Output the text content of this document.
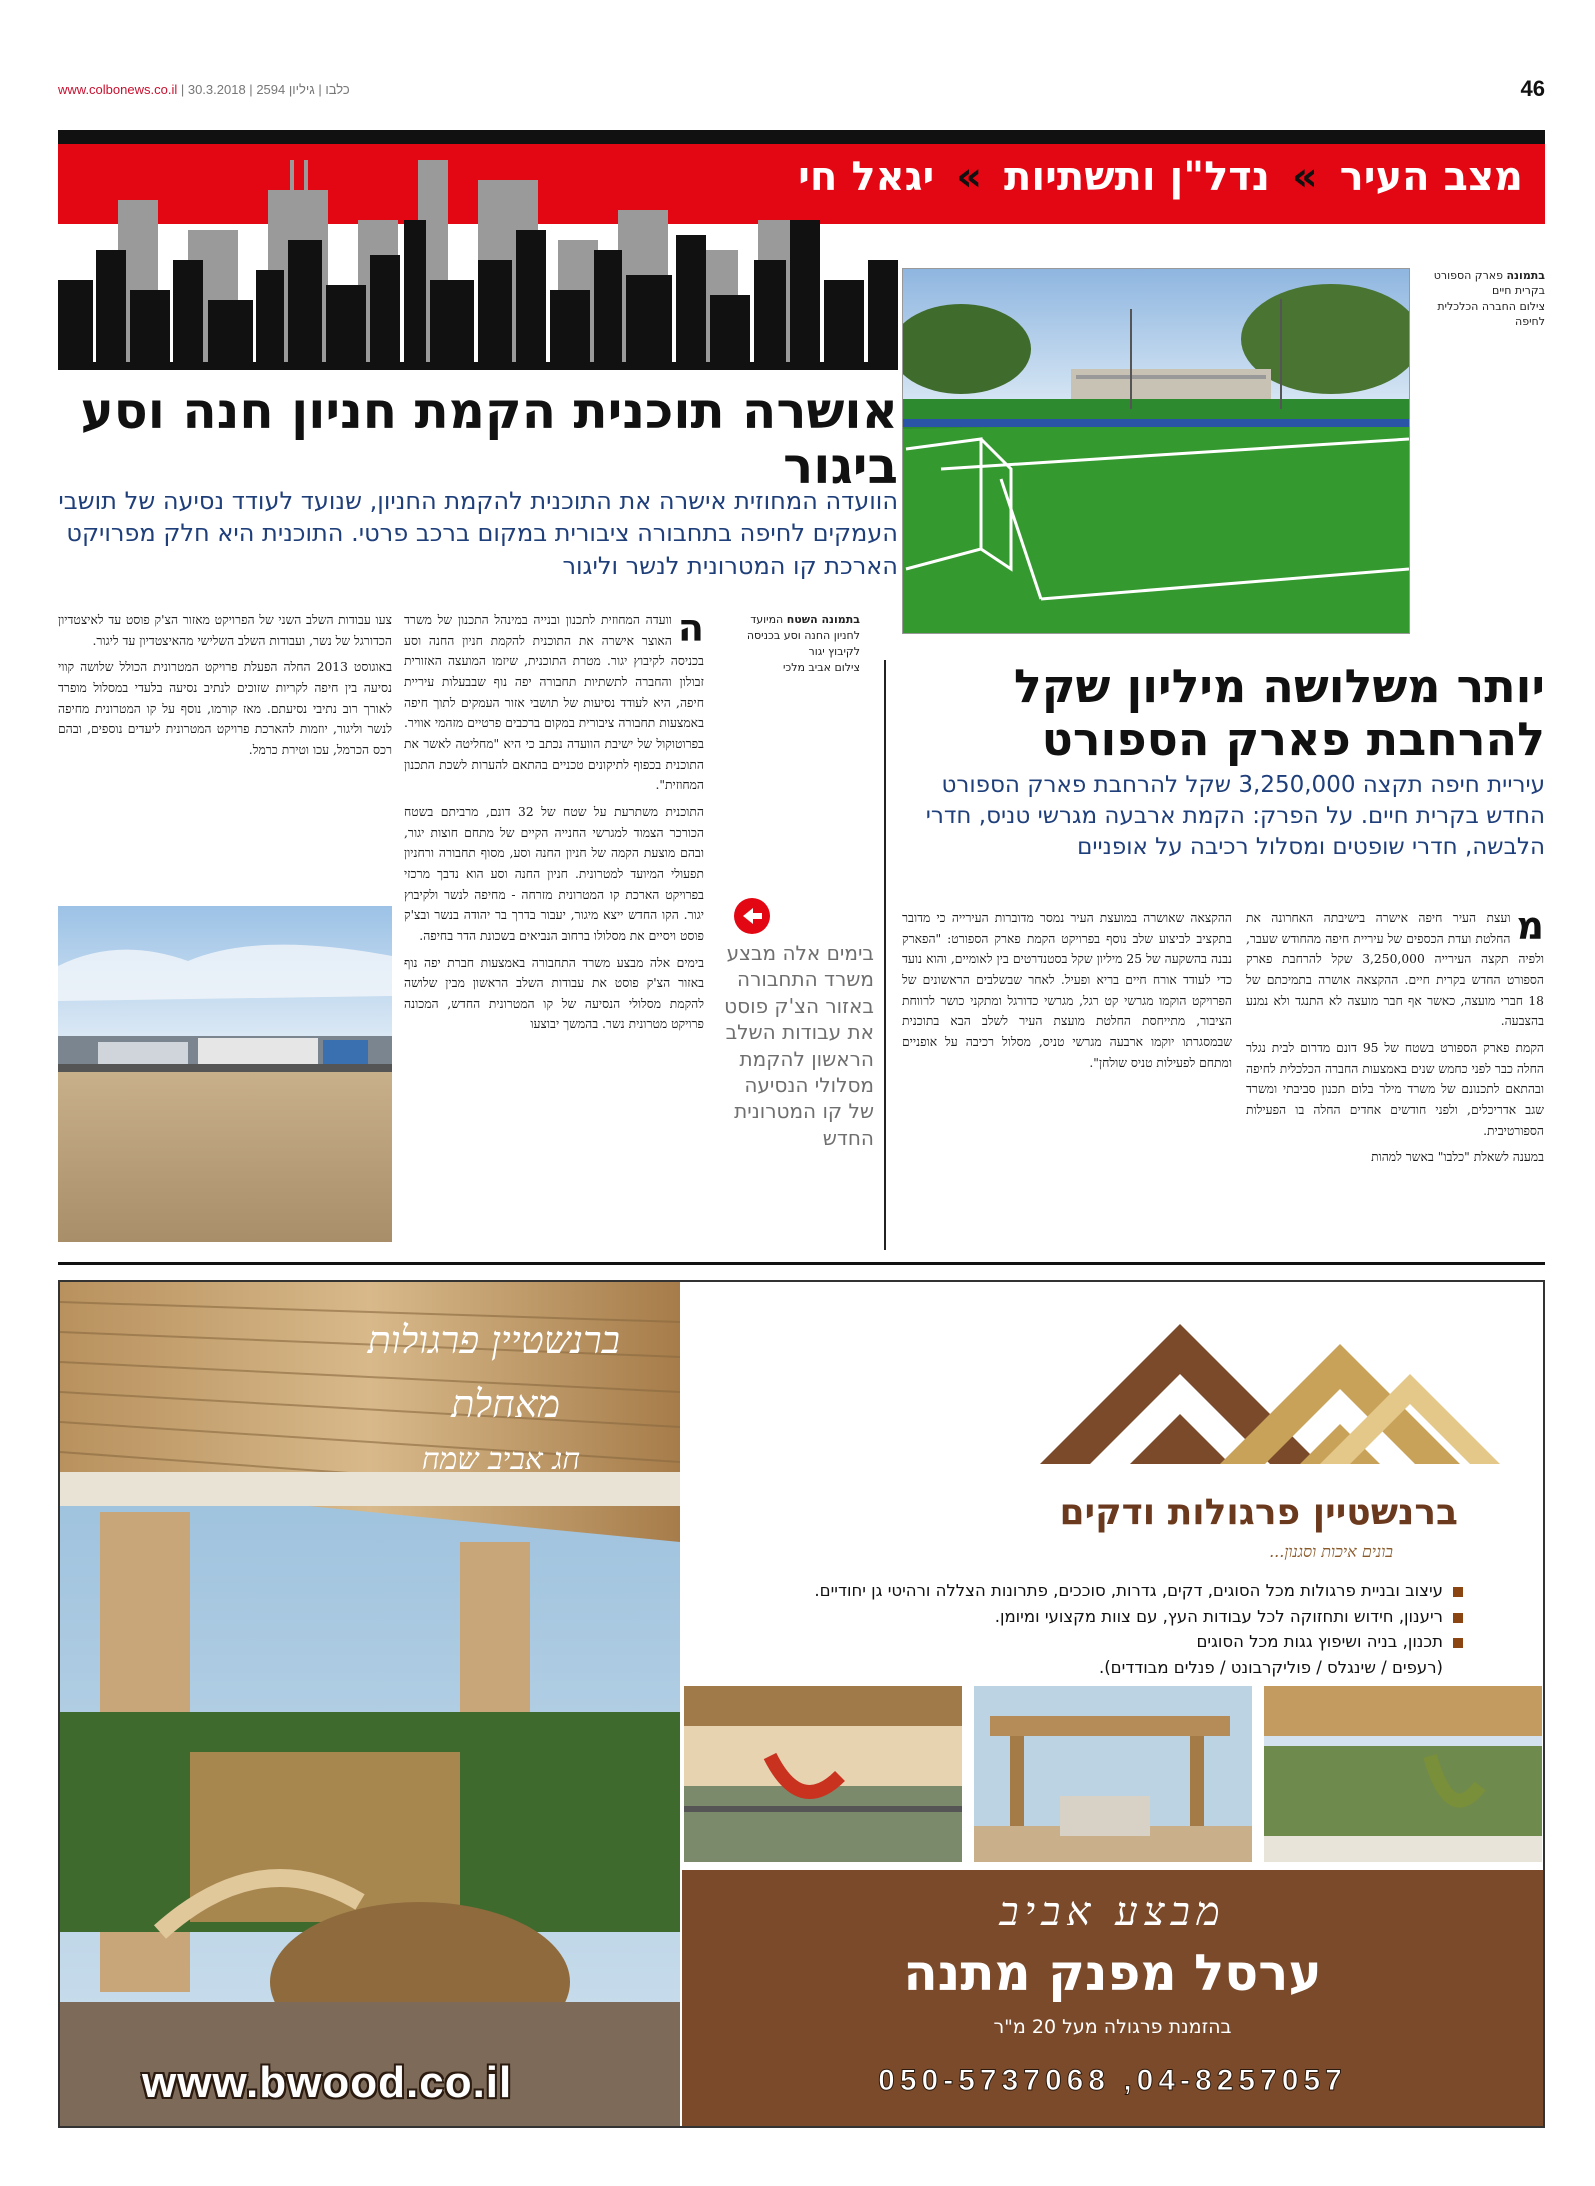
www.colbonews.co.il |	כלבו | גיליון 2594 | 30.3.2018	46
מצב העיר » נדל"ן ותשתיות » יגאל חי
בתמונה פארק הספורט בקרית חיים
צילום החברה הכלכלית לחיפה
אושרה תוכנית הקמת חניון חנה וסע ביגור

הוועדה המחוזית אישרה את התוכנית להקמת החניון, שנועד לעודד נסיעה של תושבי העמקים לחיפה בתחבורה ציבורית במקום ברכב פרטי. התוכנית היא חלק מפרויקט הארכת קו המטרונית לנשר וליגור

בתמונה השטח המיועד לחניון החנה וסע בכניסה לקיבוץ יגור
צילום אביב מלכי
בימים אלה מבצע משרד התחבורה באזור הצ'ק פוסט את עבודות השלב הראשון להקמת מסלולי הנסיעה של קו המטרונית החדש

ה
וועדה המחוזית לתכנון ובנייה במינהל התכנון של משרד האוצר אישרה את התוכנית להקמת חניון החנה וסע בכניסה לקיבוץ יגור. מטרת התוכנית, שיזמו המועצה האזורית זבולון והחברה לתשתיות תחבורה יפה נוף שבבעלות עיריית חיפה, היא לעודד נסיעות של תושבי אזור העמקים לתוך חיפה באמצעות תחבורה ציבורית במקום ברכבים פרטיים מזהמי אוויר. בפרוטוקול של ישיבת הוועדה נכתב כי היא "מחליטה לאשר את התוכנית בכפוף לתיקונים טכניים בהתאם להערות לשכת התכנון המחוזית".

התוכנית משתרעת על שטח של 32 דונם, מרביתם בשטח הכורכר הצמוד למגרשי החנייה הקיים של מתחם חוצות יגור, ובהם מוצעת הקמה של חניון החנה וסע, מסוף תחבורה ורחניון תפעולי המיועד למטרונית. חניון החנה וסע הוא נדבך מרכזי בפרויקט הארכת קו המטרונית מזרחה - מחיפה לנשר ולקיבוץ יגור. הקו החדש ייצא מיגור, יעבור בדרך בר יהודה בנשר ובצ'ק פוסט ויסיים את מסלולו ברחוב הנביאים בשכונת הדר בחיפה.

בימים אלה מבצע משרד התחבורה באמצעות חברת יפה נוף באזור הצ'ק פוסט את עבודות השלב הראשון מבין שלושה להקמת מסלולי הנסיעה של קו המטרונית החדש, המכונה פרויקט מטרונית נשר. בהמשך יבוצעו

צעו עבודות השלב השני של הפרויקט מאזור הצ'ק פוסט עד לאיצטדיון הכדורגל של נשר, ועבודות השלב השלישי מהאיצטדיון עד ליגור.

באוגוסט 2013 החלה הפעלת פרויקט המטרונית הכולל שלושה קווי נסיעה בין חיפה לקריות שזוכים לנתיב נסיעה בלעדי במסלול מופרד לאורך רוב נתיבי נסיעתם. מאז קורמו, נוסף על קו המטרונית מחיפה לנשר וליגור, יוזמות להארכת פרויקט המטרונית ליעדים נוספים, ובהם רכס הכרמל, עכו וטירת כרמל.

יותר משלושה מיליון שקל להרחבת פארק הספורט

עיריית חיפה תקצה 3,250,000 שקל להרחבת פארק הספורט החדש בקרית חיים. על הפרק: הקמת ארבעה מגרשי טניס, חדרי הלבשה, חדרי שופטים ומסלול רכיבה על אופניים

מ
ועצת העיר חיפה אישרה בישיבתה האחרונה את החלטת ועדת הכספים של עיריית חיפה מהחודש שעבר, ולפיה תקצה העירייה 3,250,000 שקל להרחבת פארק הספורט החדש בקרית חיים. ההקצאה אושרה בתמיכתם של 18 חברי מועצה, כאשר אף חבר מועצה לא התנגד ולא נמנע בהצבעה.

הקמת פארק הספורט בשטח של 95 דונם מדרום לבית נגלר החלה כבר לפני כחמש שנים באמצעות החברה הכלכלית לחיפה ובהתאם לתכנונם של משרד מילר בלום תכנון סביבתי ומשרד שגב אדריכלים, ולפני חודשים אחדים החלה בו הפעילות הספורטיבית.

במענה לשאלת "כלבו" באשר למהות

ההקצאה שאושרה במועצת העיר נמסר מדוברות העירייה כי מדובר בתקציב לביצוע שלב נוסף בפרויקט הקמת פארק הספורט: "הפארק נבנה בהשקעה של 25 מיליון שקל בסטנדרטים בין לאומיים, והוא נועד כדי לעודד אורח חיים בריא ופעיל. לאחר שבשלבים הראשונים של הפרויקט הוקמו מגרשי קט רגל, מגרשי כדורגל ומתקני כושר לרווחת הציבור, מתייחסת החלטת מועצת העיר לשלב הבא בתוכנית שבמסגרתו יוקמו ארבעה מגרשי טניס, מסלול רכיבה על אופניים ומתחם לפעילות טניס שולחן".

ברנשטיין פרגולות
מאחלת
חג אביב שמח
www.bwood.co.il
ברנשטיין פרגולות ודקים
בונים איכות וסגנון...
עיצוב ובניית פרגולות מכל הסוגים, דקים, גדרות, סוככים, פתרונות הצללה ורהיטי גן יחודיים.
ריענון, חידוש ותחזוקה לכל עבודות העץ, עם צוות מקצועי ומיומן.
תכנון, בניה ושיפוץ גגות מכל הסוגים
(רעפים / שינגלס / פוליקרבונט / פנלים מבודדים).
מבצע אביב
ערסל מפנק מתנה
בהזמנת פרגולה מעל 20 מ"ר
050-5737068 ,04-8257057
